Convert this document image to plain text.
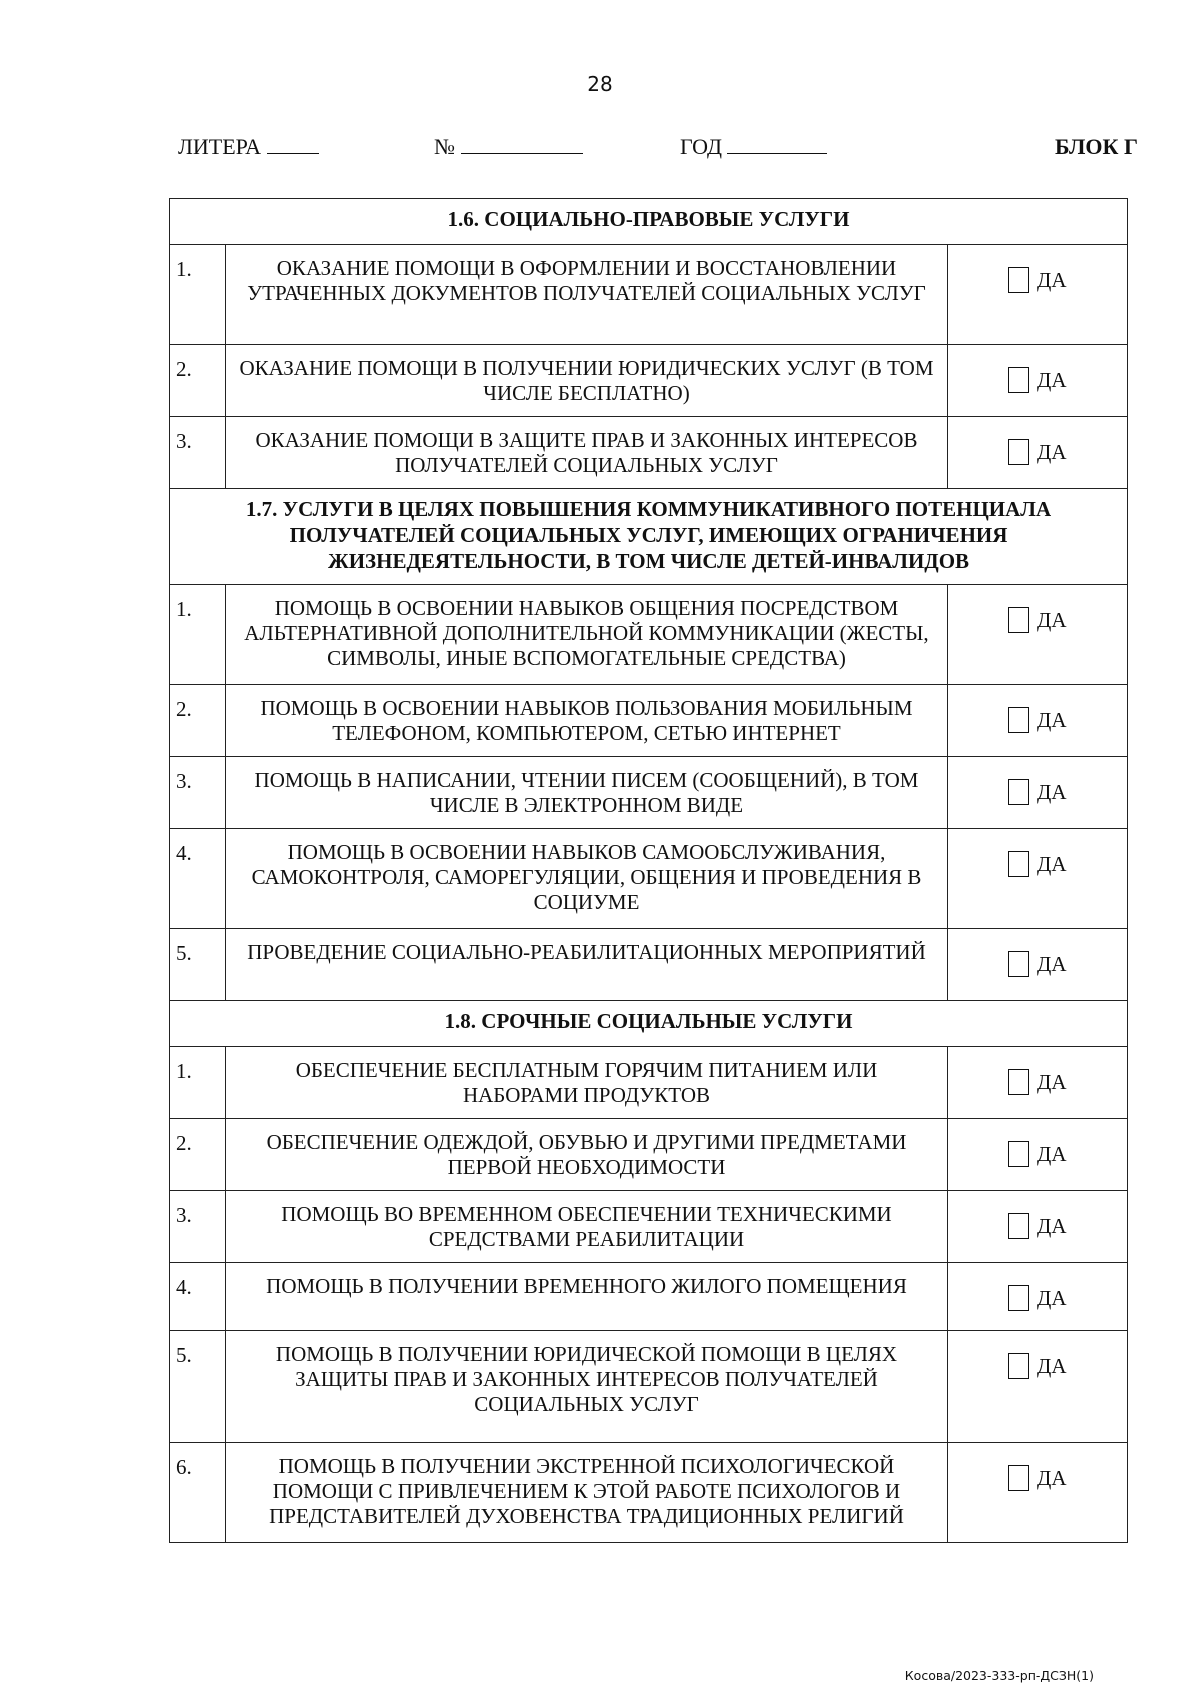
28
ЛИТЕРА	№	ГОД	БЛОК Г
1.6. СОЦИАЛЬНО-ПРАВОВЫЕ УСЛУГИ		
1.	ОКАЗАНИЕ ПОМОЩИ В ОФОРМЛЕНИИ И ВОССТАНОВЛЕНИИ УТРАЧЕННЫХ ДОКУМЕНТОВ ПОЛУЧАТЕЛЕЙ СОЦИАЛЬНЫХ УСЛУГ	ДА

2.	ОКАЗАНИЕ ПОМОЩИ В ПОЛУЧЕНИИ ЮРИДИЧЕСКИХ УСЛУГ (В ТОМ ЧИСЛЕ БЕСПЛАТНО)	ДА

3.	ОКАЗАНИЕ ПОМОЩИ В ЗАЩИТЕ ПРАВ И ЗАКОННЫХ ИНТЕРЕСОВ ПОЛУЧАТЕЛЕЙ СОЦИАЛЬНЫХ УСЛУГ	ДА

1.7. УСЛУГИ В ЦЕЛЯХ ПОВЫШЕНИЯ КОММУНИКАТИВНОГО ПОТЕНЦИАЛА ПОЛУЧАТЕЛЕЙ СОЦИАЛЬНЫХ УСЛУГ, ИМЕЮЩИХ ОГРАНИЧЕНИЯ ЖИЗНЕДЕЯТЕЛЬНОСТИ, В ТОМ ЧИСЛЕ ДЕТЕЙ-ИНВАЛИДОВ		
1.	ПОМОЩЬ В ОСВОЕНИИ НАВЫКОВ ОБЩЕНИЯ ПОСРЕДСТВОМ АЛЬТЕРНАТИВНОЙ ДОПОЛНИТЕЛЬНОЙ КОММУНИКАЦИИ (ЖЕСТЫ, СИМВОЛЫ, ИНЫЕ ВСПОМОГАТЕЛЬНЫЕ СРЕДСТВА)	ДА

2.	ПОМОЩЬ В ОСВОЕНИИ НАВЫКОВ ПОЛЬЗОВАНИЯ МОБИЛЬНЫМ ТЕЛЕФОНОМ, КОМПЬЮТЕРОМ, СЕТЬЮ ИНТЕРНЕТ	ДА

3.	ПОМОЩЬ В НАПИСАНИИ, ЧТЕНИИ ПИСЕМ (СООБЩЕНИЙ), В ТОМ ЧИСЛЕ В ЭЛЕКТРОННОМ ВИДЕ	ДА

4.	ПОМОЩЬ В ОСВОЕНИИ НАВЫКОВ САМООБСЛУЖИВАНИЯ, САМОКОНТРОЛЯ, САМОРЕГУЛЯЦИИ, ОБЩЕНИЯ И ПРОВЕДЕНИЯ В СОЦИУМЕ	ДА

5.	ПРОВЕДЕНИЕ СОЦИАЛЬНО-РЕАБИЛИТАЦИОННЫХ МЕРОПРИЯТИЙ	ДА

1.8. СРОЧНЫЕ СОЦИАЛЬНЫЕ УСЛУГИ		
1.	ОБЕСПЕЧЕНИЕ БЕСПЛАТНЫМ ГОРЯЧИМ ПИТАНИЕМ ИЛИ НАБОРАМИ ПРОДУКТОВ	ДА

2.	ОБЕСПЕЧЕНИЕ ОДЕЖДОЙ, ОБУВЬЮ И ДРУГИМИ ПРЕДМЕТАМИ ПЕРВОЙ НЕОБХОДИМОСТИ	ДА

3.	ПОМОЩЬ ВО ВРЕМЕННОМ ОБЕСПЕЧЕНИИ ТЕХНИЧЕСКИМИ СРЕДСТВАМИ РЕАБИЛИТАЦИИ	ДА

4.	ПОМОЩЬ В ПОЛУЧЕНИИ ВРЕМЕННОГО ЖИЛОГО ПОМЕЩЕНИЯ	ДА

5.	ПОМОЩЬ В ПОЛУЧЕНИИ ЮРИДИЧЕСКОЙ ПОМОЩИ В ЦЕЛЯХ ЗАЩИТЫ ПРАВ И ЗАКОННЫХ ИНТЕРЕСОВ ПОЛУЧАТЕЛЕЙ СОЦИАЛЬНЫХ УСЛУГ	ДА

6.	ПОМОЩЬ В ПОЛУЧЕНИИ ЭКСТРЕННОЙ ПСИХОЛОГИЧЕСКОЙ ПОМОЩИ С ПРИВЛЕЧЕНИЕМ К ЭТОЙ РАБОТЕ ПСИХОЛОГОВ И ПРЕДСТАВИТЕЛЕЙ ДУХОВЕНСТВА ТРАДИЦИОННЫХ РЕЛИГИЙ	ДА
Косова/2023-333-рп-ДСЗН(1)
